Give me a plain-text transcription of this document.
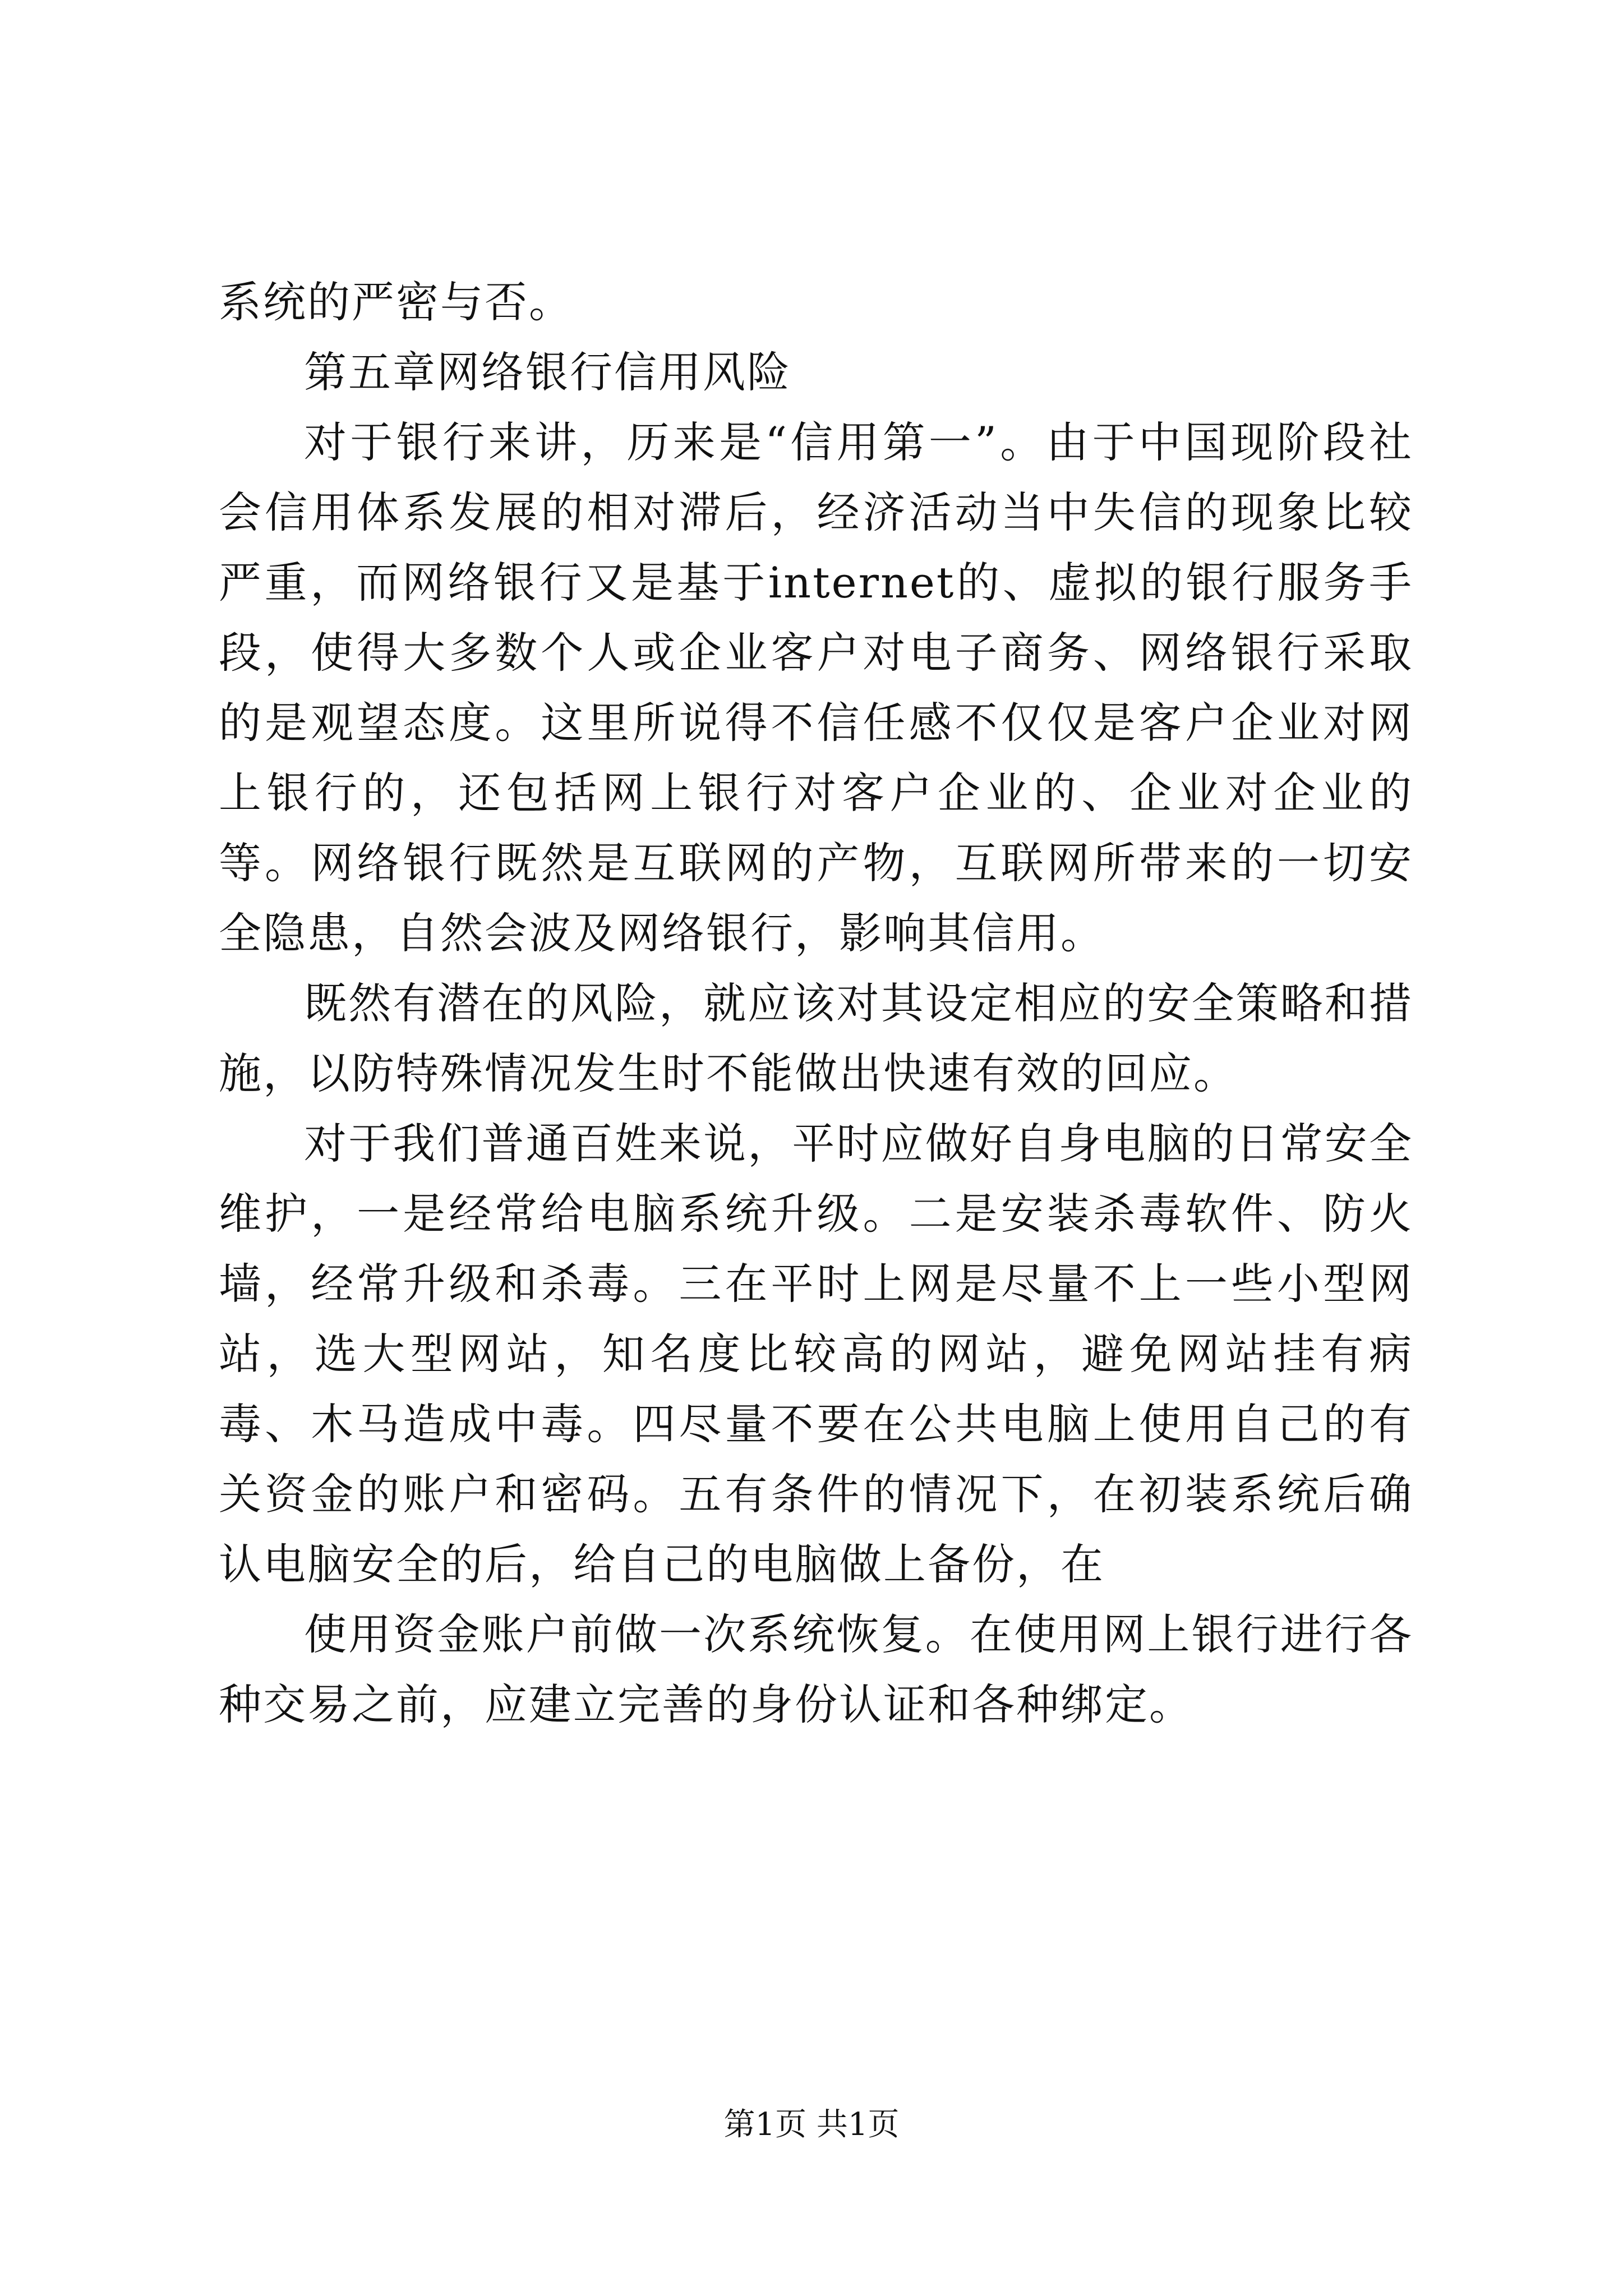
系统的严密与否。

第五章网络银行信用风险

对于银行来讲，历来是“信用第一”。由于中国现阶段社会信用体系发展的相对滞后，经济活动当中失信的现象比较严重，而网络银行又是基于internet的、虚拟的银行服务手段，使得大多数个人或企业客户对电子商务、网络银行采取的是观望态度。这里所说得不信任感不仅仅是客户企业对网上银行的，还包括网上银行对客户企业的、企业对企业的等。网络银行既然是互联网的产物，互联网所带来的一切安全隐患，自然会波及网络银行，影响其信用。

既然有潜在的风险，就应该对其设定相应的安全策略和措施，以防特殊情况发生时不能做出快速有效的回应。

对于我们普通百姓来说，平时应做好自身电脑的日常安全维护，一是经常给电脑系统升级。二是安装杀毒软件、防火墙，经常升级和杀毒。三在平时上网是尽量不上一些小型网站，选大型网站，知名度比较高的网站，避免网站挂有病毒、木马造成中毒。四尽量不要在公共电脑上使用自己的有关资金的账户和密码。五有条件的情况下，在初装系统后确认电脑安全的后，给自己的电脑做上备份，在

使用资金账户前做一次系统恢复。在使用网上银行进行各种交易之前，应建立完善的身份认证和各种绑定。

第1页 共1页
